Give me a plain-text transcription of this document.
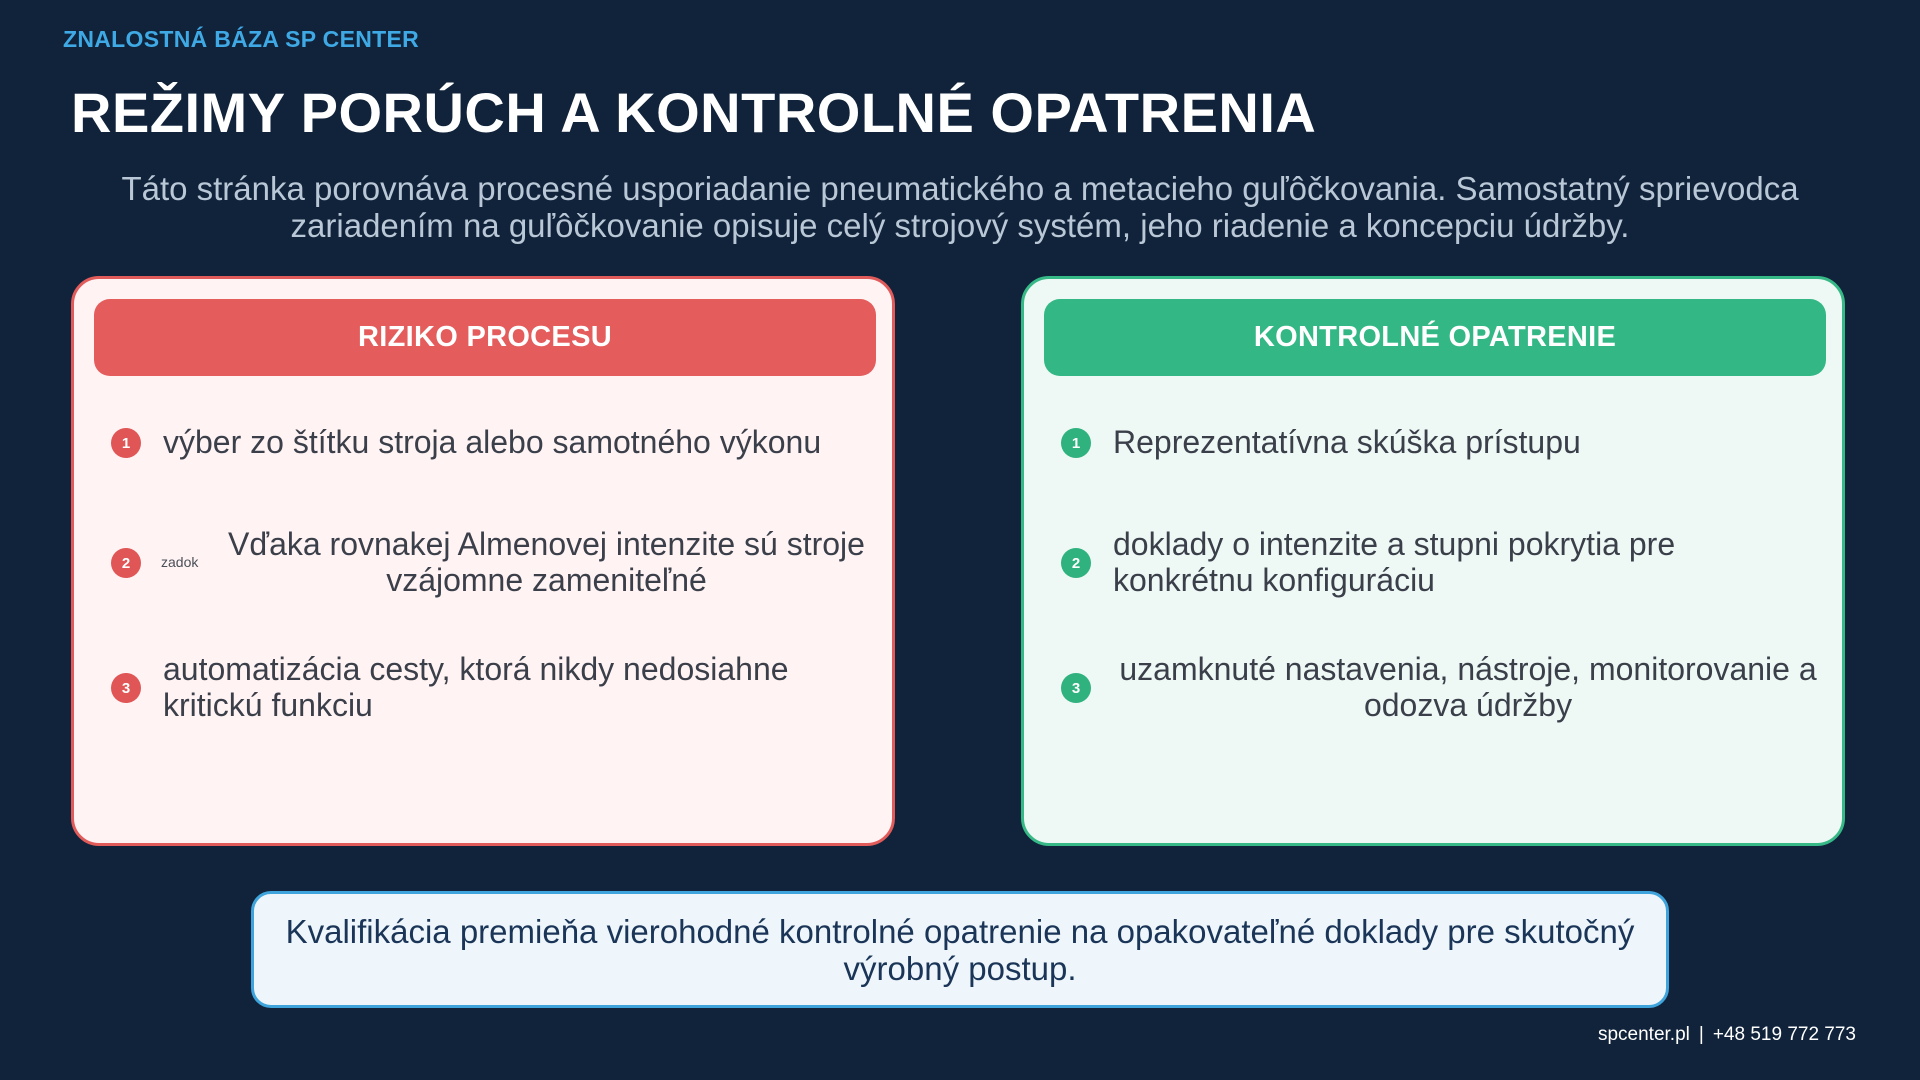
ZNALOSTNÁ BÁZA SP CENTER
REŽIMY PORÚCH A KONTROLNÉ OPATRENIA
Táto stránka porovnáva procesné usporiadanie pneumatického a metacieho guľôčkovania. Samostatný sprievodca zariadením na guľôčkovanie opisuje celý strojový systém, jeho riadenie a koncepciu údržby.
RIZIKO PROCESU
1	výber zo štítku stroja alebo samotného výkonu
2	zadok Vďaka rovnakej Almenovej intenzite sú stroje vzájomne zameniteľné
3
automatizácia cesty, ktorá nikdy nedosiahne kritickú funkciu
KONTROLNÉ OPATRENIE
1	Reprezentatívna skúška prístupu
2
doklady o intenzite a stupni pokrytia pre konkrétnu konfiguráciu
3
uzamknuté nastavenia, nástroje, monitorovanie a odozva údržby
Kvalifikácia premieňa vierohodné kontrolné opatrenie na opakovateľné doklady pre skutočný výrobný postup.
spcenter.pl | +48 519 772 773
